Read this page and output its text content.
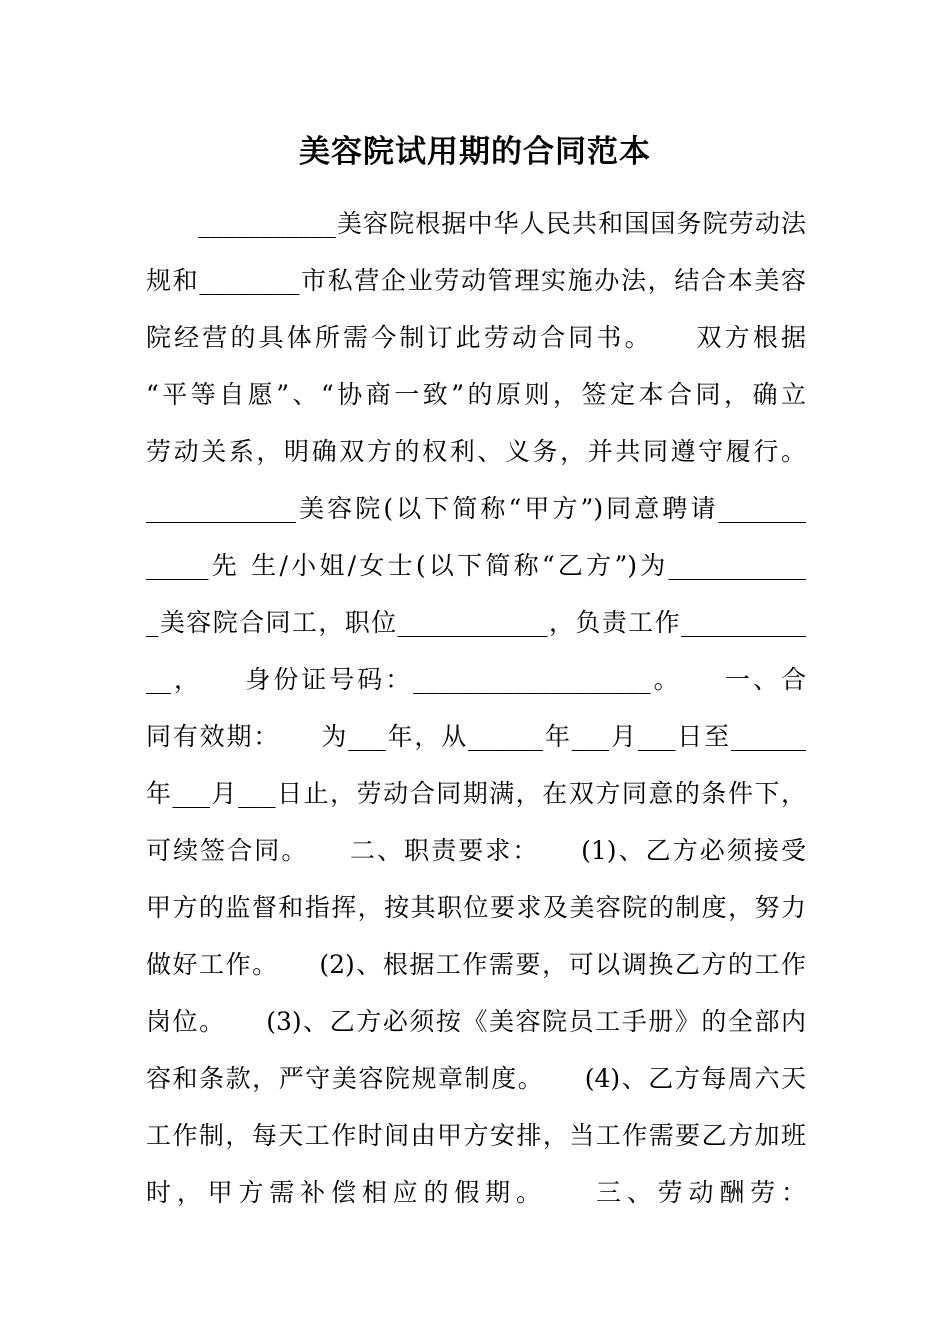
美容院试用期的合同范本
　　___________美容院根据中华人民共和国国务院劳动法
规和________市私营企业劳动管理实施办法，结合本美容
院经营的具体所需今制订此劳动合同书。　　双方根据
“平等自愿”、“协商一致”的原则，签定本合同，确立
劳动关系，明确双方的权利、义务，并共同遵守履行。
____________美容院(以下简称“甲方”)同意聘请_______
_____先 生/小姐/女士(以下简称“乙方”)为___________
_美容院合同工，职位____________，负责工作__________
__，　　身份证号码：___________________。　　一、合
同有效期：　　为___年，从______年___月___日至______
年___月___日止，劳动合同期满，在双方同意的条件下，
可续签合同。　　二、职责要求：　　(1)、乙方必须接受
甲方的监督和指挥，按其职位要求及美容院的制度，努力
做好工作。　　(2)、根据工作需要，可以调换乙方的工作
岗位。　　(3)、乙方必须按《美容院员工手册》的全部内
容和条款，严守美容院规章制度。　　(4)、乙方每周六天
工作制，每天工作时间由甲方安排，当工作需要乙方加班
时，甲方需补偿相应的假期。　　三、劳动酬劳：
